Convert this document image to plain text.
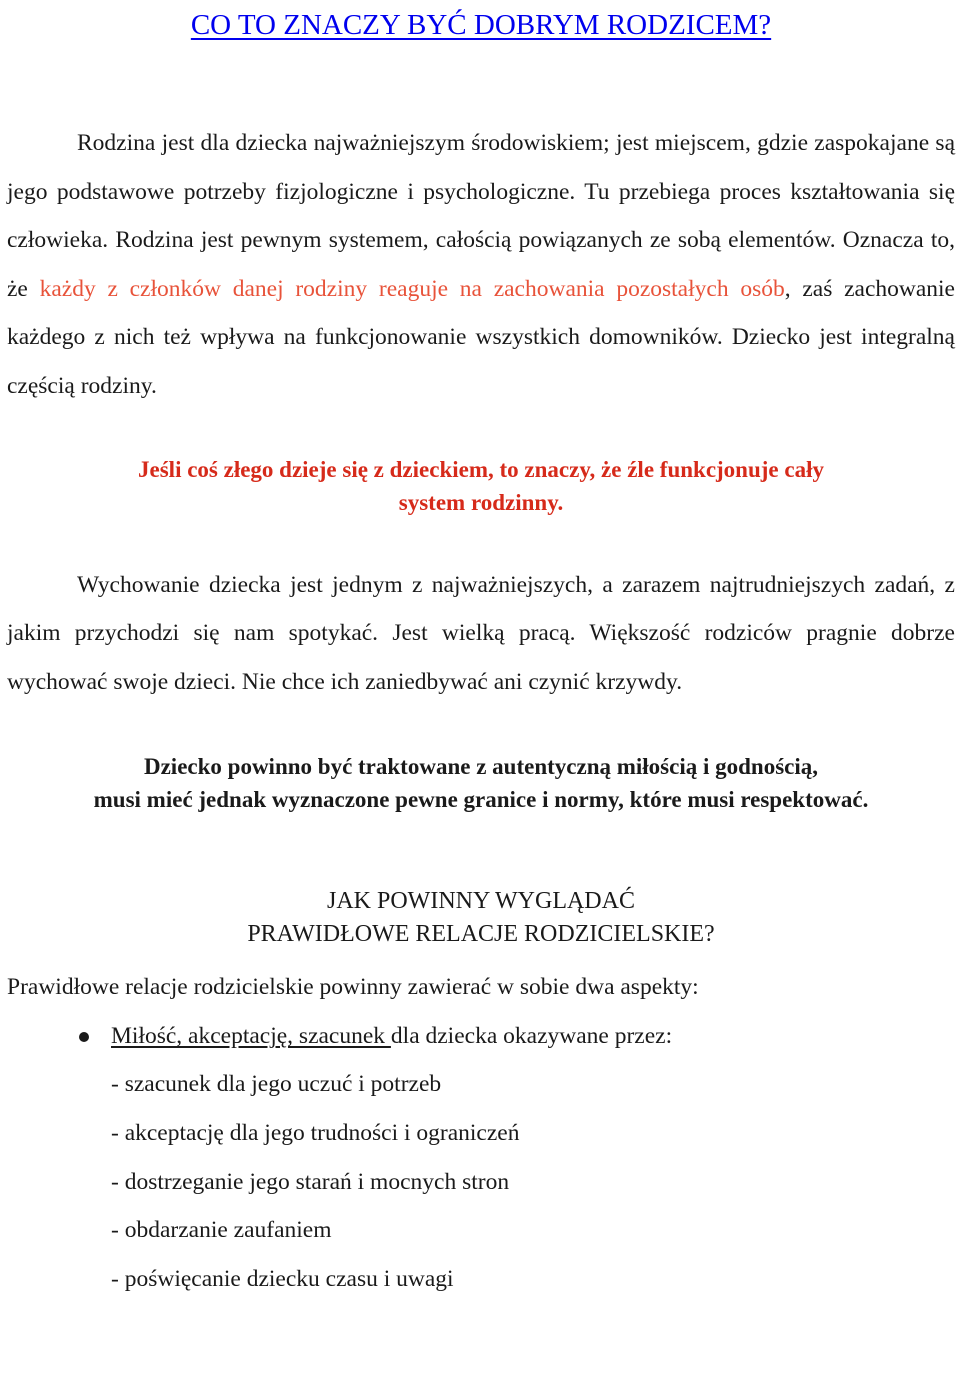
CO TO ZNACZY BYĆ DOBRYM RODZICEM?

Rodzina jest dla dziecka najważniejszym środowiskiem; jest miejscem, gdzie zaspokajane są jego podstawowe potrzeby fizjologiczne i psychologiczne. Tu przebiega proces kształtowania się człowieka. Rodzina jest pewnym systemem, całością powiązanych ze sobą elementów. Oznacza to, że każdy z członków danej rodziny reaguje na zachowania pozostałych osób, zaś zachowanie każdego z nich też wpływa na funkcjonowanie wszystkich domowników. Dziecko jest integralną częścią rodziny.

Jeśli coś złego dzieje się z dzieckiem, to znaczy, że źle funkcjonuje cały
system rodzinny.

Wychowanie dziecka jest jednym z najważniejszych, a zarazem najtrudniejszych zadań, z jakim przychodzi się nam spotykać. Jest wielką pracą. Większość rodziców pragnie dobrze wychować swoje dzieci. Nie chce ich zaniedbywać ani czynić krzywdy.

Dziecko powinno być traktowane z autentyczną miłością i godnością,
musi mieć jednak wyznaczone pewne granice i normy, które musi respektować.

JAK POWINNY WYGLĄDAĆ
PRAWIDŁOWE RELACJE RODZICIELSKIE?

Prawidłowe relacje rodzicielskie powinny zawierać w sobie dwa aspekty:

Miłość, akceptację, szacunek dla dziecka okazywane przez:
- szacunek dla jego uczuć i potrzeb
- akceptację dla jego trudności i ograniczeń
- dostrzeganie jego starań i mocnych stron
- obdarzanie zaufaniem
- poświęcanie dziecku czasu i uwagi
